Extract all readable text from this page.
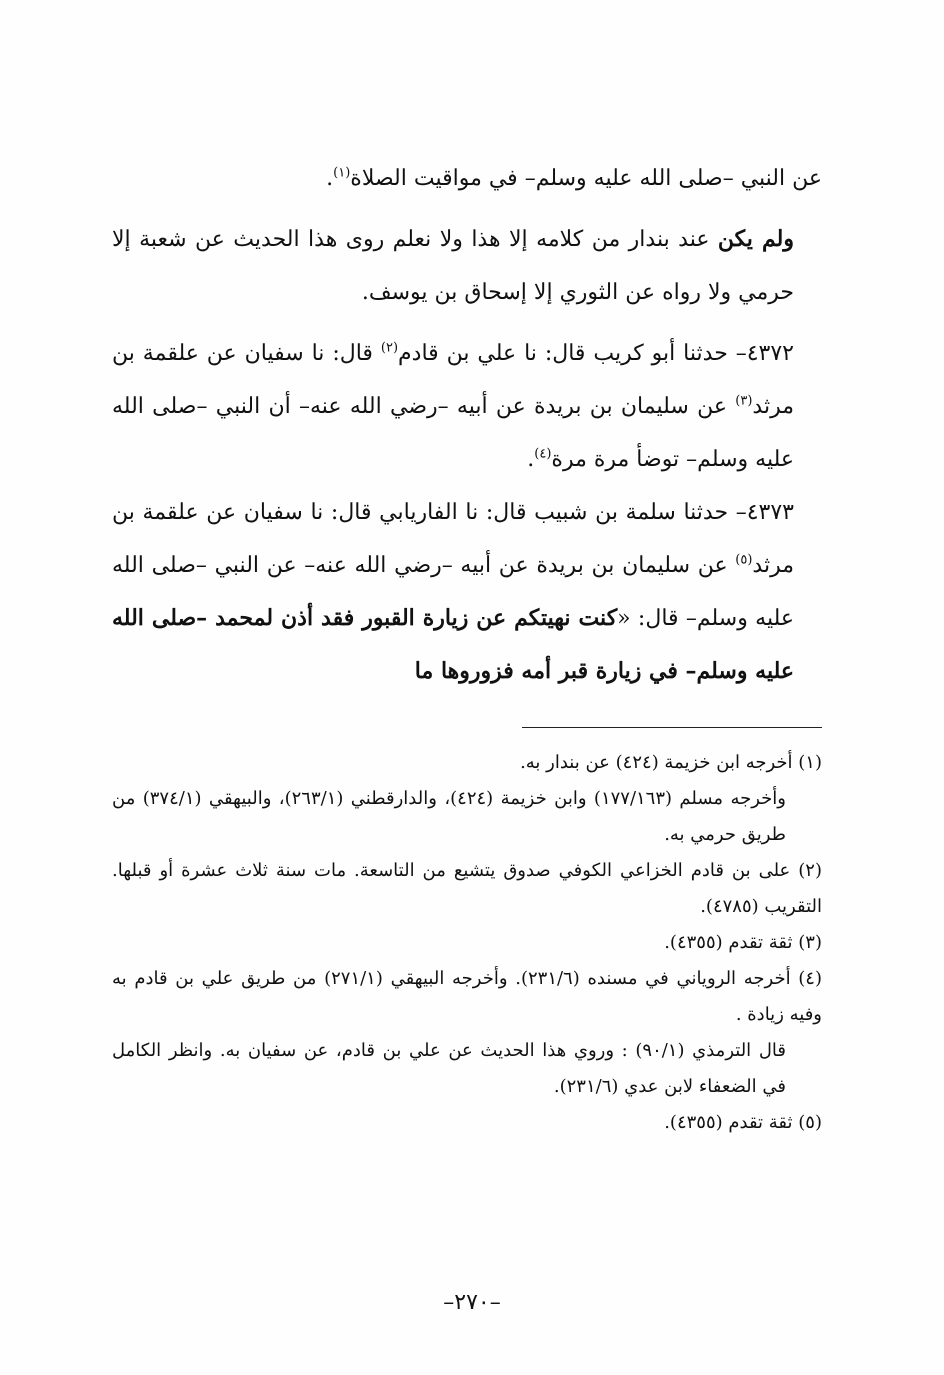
عن النبي –صلى الله عليه وسلم– في مواقيت الصلاة$^{(١)}$.

ولم يكن عند بندار من كلامه إلا هذا ولا نعلم روى هذا الحديث عن شعبة إلا حرمي ولا رواه عن الثوري إلا إسحاق بن يوسف.

٤٣٧٢– حدثنا أبو كريب قال: نا علي بن قادم$^{(٢)}$ قال: نا سفيان عن علقمة بن مرثد$^{(٣)}$ عن سليمان بن بريدة عن أبيه –رضي الله عنه– أن النبي –صلى الله عليه وسلم– توضأ مرة مرة$^{(٤)}$.

٤٣٧٣– حدثنا سلمة بن شبيب قال: نا الفاريابي قال: نا سفيان عن علقمة بن مرثد$^{(٥)}$ عن سليمان بن بريدة عن أبيه –رضي الله عنه– عن النبي –صلى الله عليه وسلم– قال: «كنت نهيتكم عن زيارة القبور فقد أذن لمحمد –صلى الله عليه وسلم– في زيارة قبر أمه فزوروها ما

(١) أخرجه ابن خزيمة (٤٢٤) عن بندار به.

وأخرجه مسلم (١٧٧/١٦٣) وابن خزيمة (٤٢٤)، والدارقطني (٢٦٣/١)، والبيهقي (٣٧٤/١) من طريق حرمي به.

(٢) على بن قادم الخزاعي الكوفي صدوق يتشيع من التاسعة. مات سنة ثلاث عشرة أو قبلها. التقريب (٤٧٨٥).

(٣) ثقة تقدم (٤٣٥٥).

(٤) أخرجه الروياني في مسنده (٢٣١/٦). وأخرجه البيهقي (٢٧١/١) من طريق علي بن قادم به وفيه زيادة .

قال الترمذي (٩٠/١) : وروي هذا الحديث عن علي بن قادم، عن سفيان به. وانظر الكامل في الضعفاء لابن عدي (٢٣١/٦).

(٥) ثقة تقدم (٤٣٥٥).

–٢٧٠–
